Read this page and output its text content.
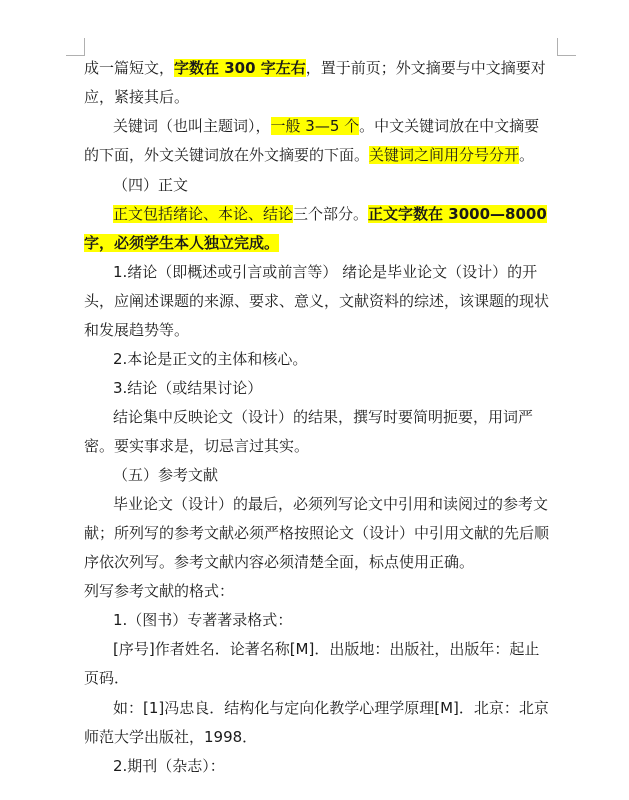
成一篇短文，字数在 300 字左右，置于前页；外文摘要与中文摘要对
应，紧接其后。
关键词（也叫主题词），一般 3—5 个。中文关键词放在中文摘要
的下面，外文关键词放在外文摘要的下面。关键词之间用分号分开。
（四）正文
正文包括绪论、本论、结论三个部分。正文字数在 3000—8000
字，必须学生本人独立完成。
1.绪论（即概述或引言或前言等） 绪论是毕业论文（设计）的开
头，应阐述课题的来源、要求、意义，文献资料的综述，该课题的现状
和发展趋势等。
2.本论是正文的主体和核心。
3.结论（或结果讨论）
结论集中反映论文（设计）的结果，撰写时要简明扼要，用词严
密。要实事求是，切忌言过其实。
（五）参考文献
毕业论文（设计）的最后，必须列写论文中引用和读阅过的参考文
献；所列写的参考文献必须严格按照论文（设计）中引用文献的先后顺
序依次列写。参考文献内容必须清楚全面，标点使用正确。
列写参考文献的格式：
1.（图书）专著著录格式：
[序号]作者姓名．论著名称[M]．出版地：出版社，出版年：起止
页码．
如：[1]冯忠良．结构化与定向化教学心理学原理[M]．北京：北京
师范大学出版社，1998．
2.期刊（杂志）：
